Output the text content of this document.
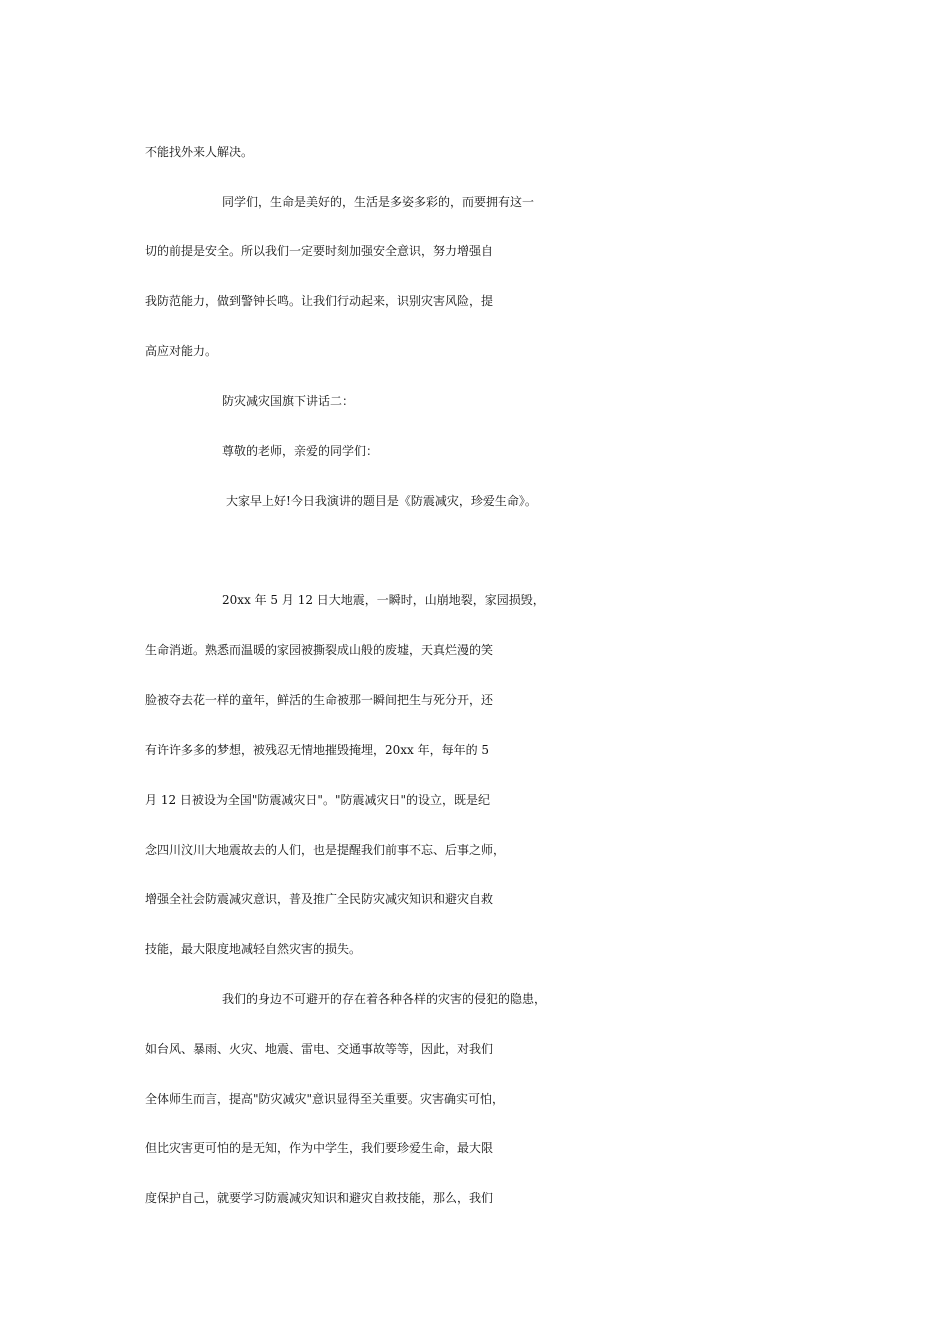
不能找外来人解决。
同学们，生命是美好的，生活是多姿多彩的，而要拥有这一
切的前提是安全。所以我们一定要时刻加强安全意识，努力增强自
我防范能力，做到警钟长鸣。让我们行动起来，识别灾害风险，提
高应对能力。
防灾减灾国旗下讲话二：
尊敬的老师，亲爱的同学们：
大家早上好!今日我演讲的题目是《防震减灾，珍爱生命》。
20xx 年 5 月 12 日大地震，一瞬时，山崩地裂，家园损毁，
生命消逝。熟悉而温暖的家园被撕裂成山般的废墟，天真烂漫的笑
脸被夺去花一样的童年，鲜活的生命被那一瞬间把生与死分开，还
有许许多多的梦想，被残忍无情地摧毁掩埋，20xx 年，每年的 5
月 12 日被设为全国"防震减灾日"。"防震减灾日"的设立，既是纪
念四川汶川大地震故去的人们，也是提醒我们前事不忘、后事之师，
增强全社会防震减灾意识，普及推广全民防灾减灾知识和避灾自救
技能，最大限度地减轻自然灾害的损失。
我们的身边不可避开的存在着各种各样的灾害的侵犯的隐患，
如台风、暴雨、火灾、地震、雷电、交通事故等等，因此，对我们
全体师生而言，提高"防灾减灾"意识显得至关重要。灾害确实可怕，
但比灾害更可怕的是无知，作为中学生，我们要珍爱生命，最大限
度保护自己，就要学习防震减灾知识和避灾自救技能，那么，我们
